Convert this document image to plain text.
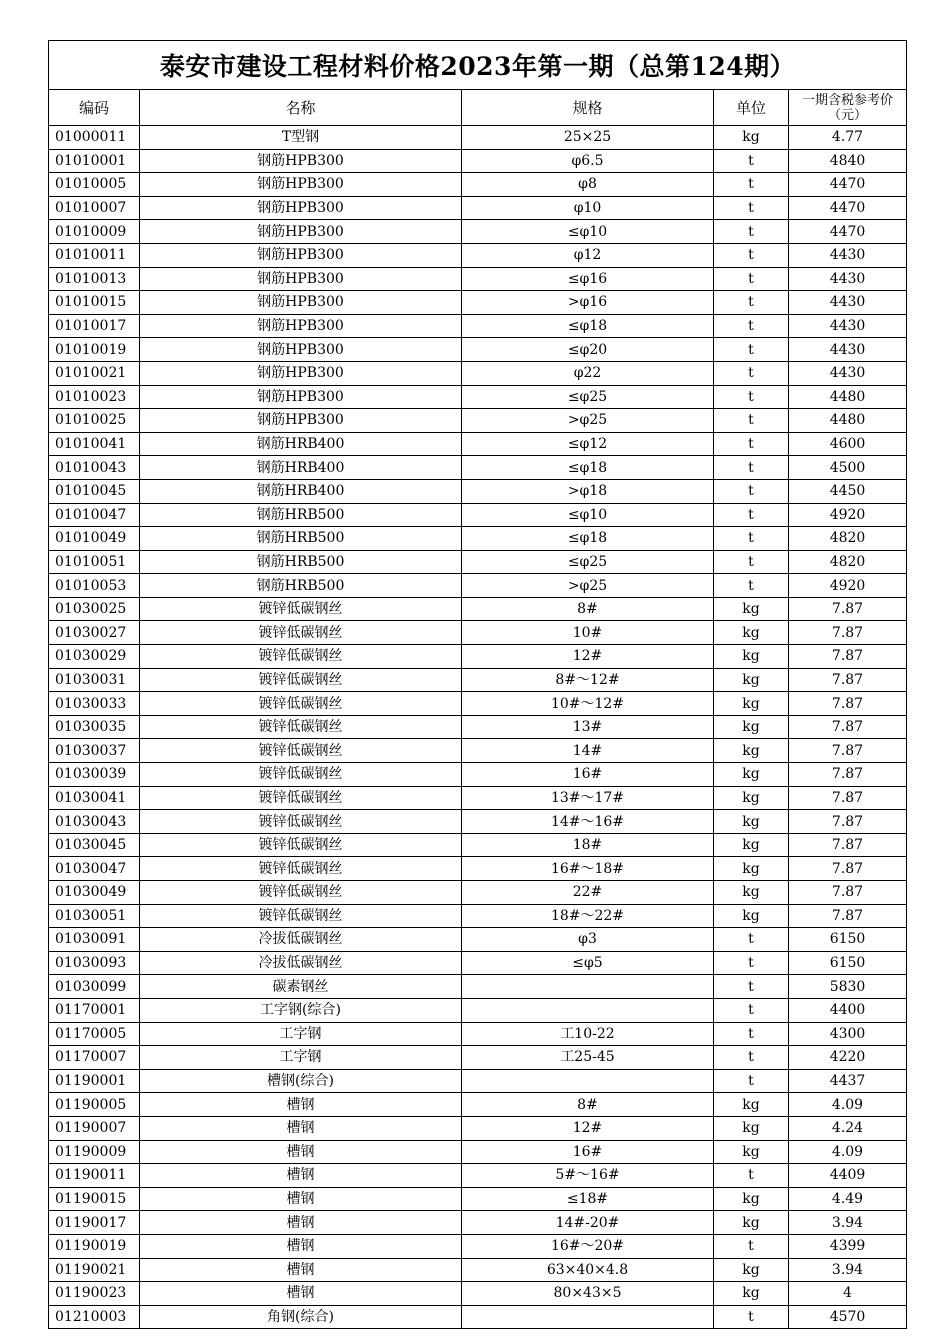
泰安市建设工程材料价格2023年第一期（总第124期）				
编码	名称	规格	单位	一期含税参考价
（元）

01000011	T型钢	25×25	kg	4.77
01010001	钢筋HPB300	φ6.5	t	4840
01010005	钢筋HPB300	φ8	t	4470
01010007	钢筋HPB300	φ10	t	4470
01010009	钢筋HPB300	≤φ10	t	4470
01010011	钢筋HPB300	φ12	t	4430
01010013	钢筋HPB300	≤φ16	t	4430
01010015	钢筋HPB300	>φ16	t	4430
01010017	钢筋HPB300	≤φ18	t	4430
01010019	钢筋HPB300	≤φ20	t	4430
01010021	钢筋HPB300	φ22	t	4430
01010023	钢筋HPB300	≤φ25	t	4480
01010025	钢筋HPB300	>φ25	t	4480
01010041	钢筋HRB400	≤φ12	t	4600
01010043	钢筋HRB400	≤φ18	t	4500
01010045	钢筋HRB400	>φ18	t	4450
01010047	钢筋HRB500	≤φ10	t	4920
01010049	钢筋HRB500	≤φ18	t	4820
01010051	钢筋HRB500	≤φ25	t	4820
01010053	钢筋HRB500	>φ25	t	4920
01030025	镀锌低碳钢丝	8#	kg	7.87
01030027	镀锌低碳钢丝	10#	kg	7.87
01030029	镀锌低碳钢丝	12#	kg	7.87
01030031	镀锌低碳钢丝	8#～12#	kg	7.87
01030033	镀锌低碳钢丝	10#～12#	kg	7.87
01030035	镀锌低碳钢丝	13#	kg	7.87
01030037	镀锌低碳钢丝	14#	kg	7.87
01030039	镀锌低碳钢丝	16#	kg	7.87
01030041	镀锌低碳钢丝	13#～17#	kg	7.87
01030043	镀锌低碳钢丝	14#～16#	kg	7.87
01030045	镀锌低碳钢丝	18#	kg	7.87
01030047	镀锌低碳钢丝	16#～18#	kg	7.87
01030049	镀锌低碳钢丝	22#	kg	7.87
01030051	镀锌低碳钢丝	18#～22#	kg	7.87
01030091	冷拔低碳钢丝	φ3	t	6150
01030093	冷拔低碳钢丝	≤φ5	t	6150
01030099	碳素钢丝		t	5830
01170001	工字钢(综合)		t	4400
01170005	工字钢	工10-22	t	4300
01170007	工字钢	工25-45	t	4220
01190001	槽钢(综合)		t	4437
01190005	槽钢	8#	kg	4.09
01190007	槽钢	12#	kg	4.24
01190009	槽钢	16#	kg	4.09
01190011	槽钢	5#～16#	t	4409
01190015	槽钢	≤18#	kg	4.49
01190017	槽钢	14#-20#	kg	3.94
01190019	槽钢	16#～20#	t	4399
01190021	槽钢	63×40×4.8	kg	3.94
01190023	槽钢	80×43×5	kg	4
01210003	角钢(综合)		t	4570
